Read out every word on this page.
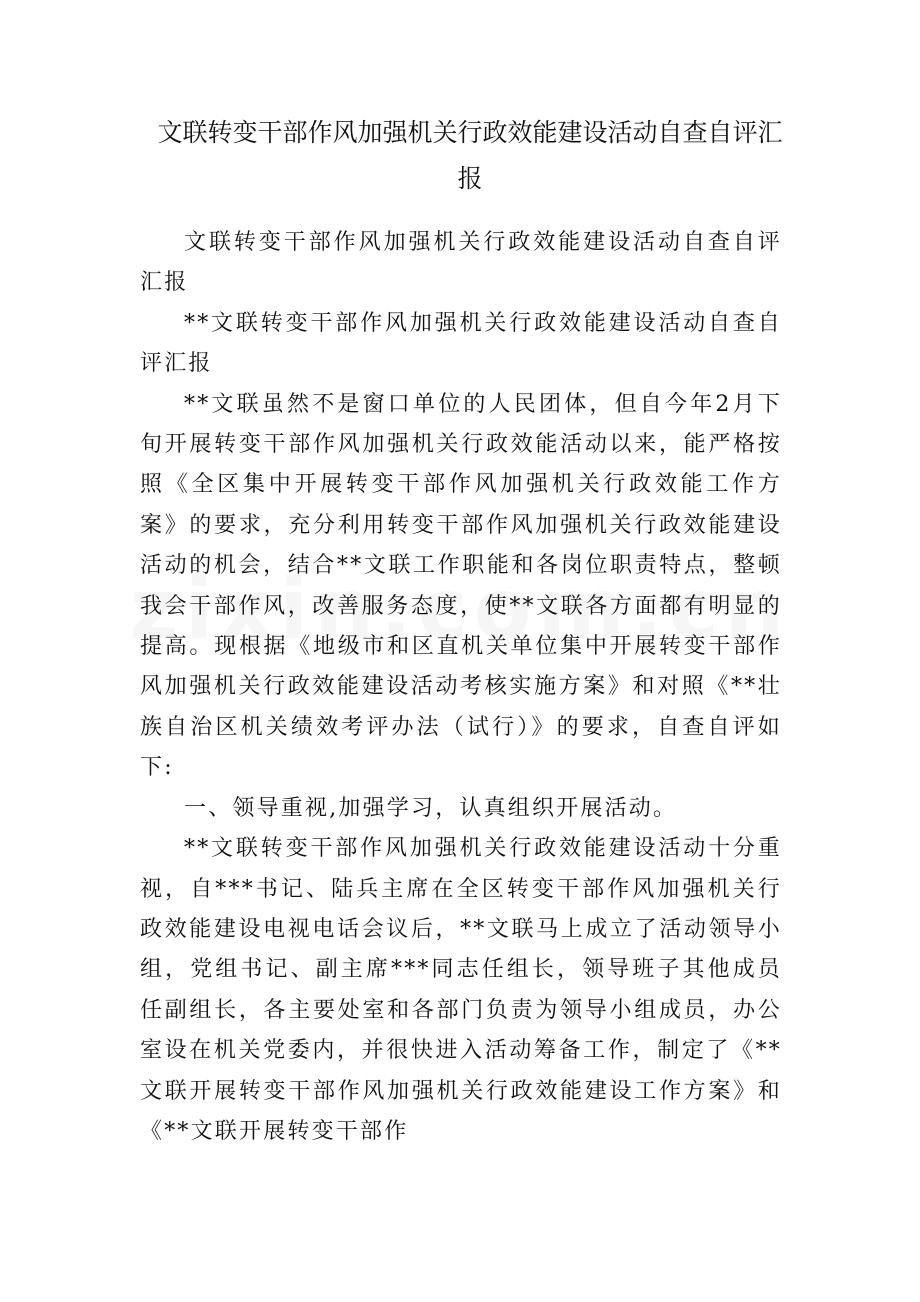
文联转变干部作风加强机关行政效能建设活动自查自评汇报

文联转变干部作风加强机关行政效能建设活动自查自评汇报

**文联转变干部作风加强机关行政效能建设活动自查自评汇报

**文联虽然不是窗口单位的人民团体，但自今年2月下旬开展转变干部作风加强机关行政效能活动以来，能严格按照《全区集中开展转变干部作风加强机关行政效能工作方案》的要求，充分利用转变干部作风加强机关行政效能建设活动的机会，结合**文联工作职能和各岗位职责特点，整顿我会干部作风，改善服务态度，使**文联各方面都有明显的提高。现根据《地级市和区直机关单位集中开展转变干部作风加强机关行政效能建设活动考核实施方案》和对照《**壮族自治区机关绩效考评办法（试行）》的要求，自查自评如下:

一、领导重视,加强学习，认真组织开展活动。

**文联转变干部作风加强机关行政效能建设活动十分重视，自***书记、陆兵主席在全区转变干部作风加强机关行政效能建设电视电话会议后，**文联马上成立了活动领导小组，党组书记、副主席***同志任组长，领导班子其他成员任副组长，各主要处室和各部门负责为领导小组成员，办公室设在机关党委内，并很快进入活动筹备工作，制定了《**文联开展转变干部作风加强机关行政效能建设工作方案》和《**文联开展转变干部作
